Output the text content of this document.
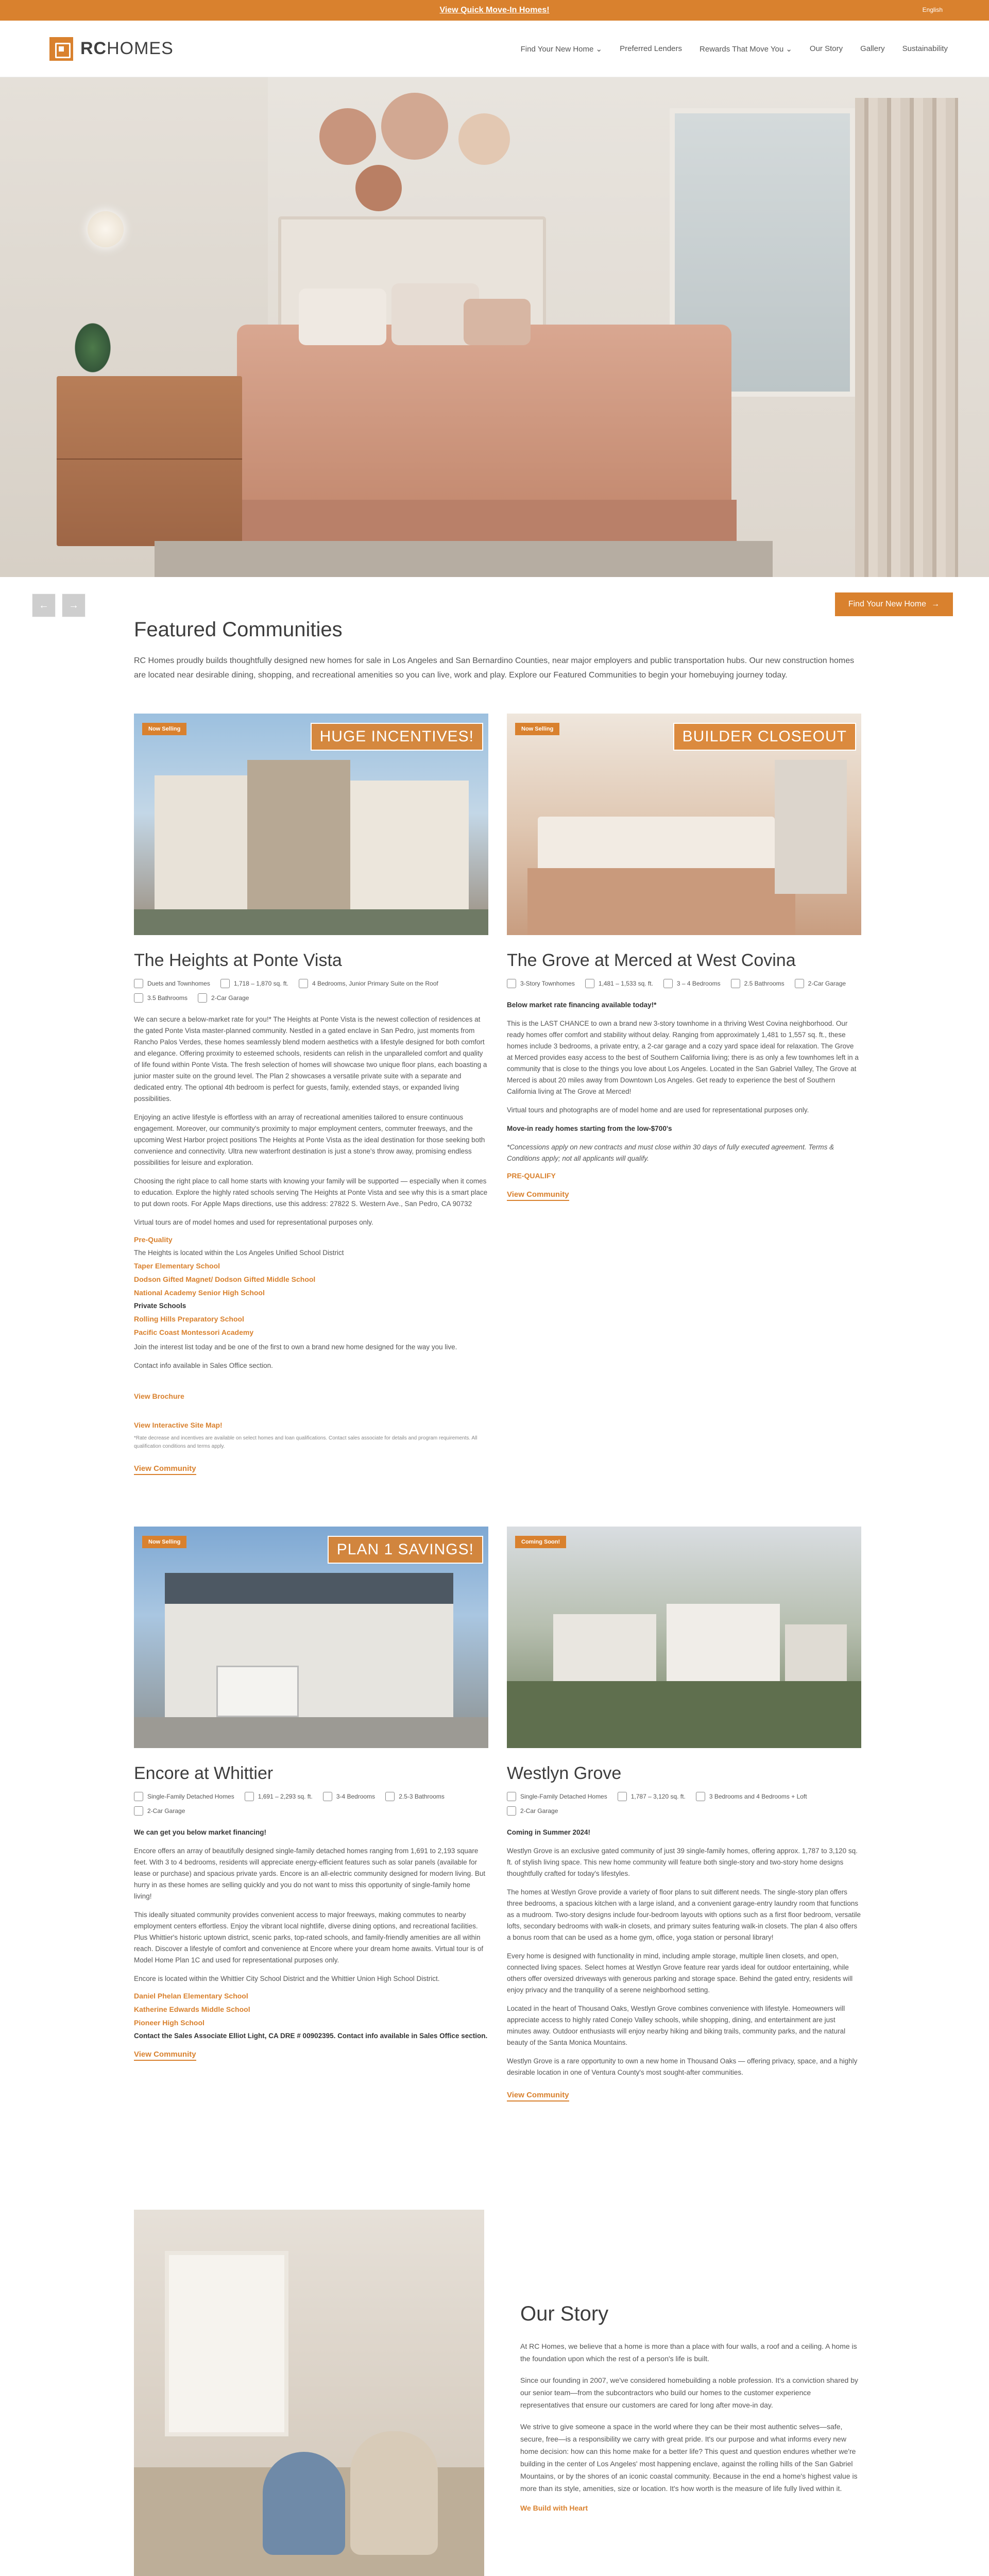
View Quick Move-In Homes!	English
RCHOMES	Find Your New Home ⌄ Preferred Lenders Rewards That Move You ⌄ Our Story Gallery Sustainability
←	→	Find Your New Home →
Featured Communities

RC Homes proudly builds thoughtfully designed new homes for sale in Los Angeles and San Bernardino Counties, near major employers and public transportation hubs. Our new construction homes are located near desirable dining, shopping, and recreational amenities so you can live, work and play. Explore our Featured Communities to begin your homebuying journey today.

Now Selling	HUGE INCENTIVES!
The Heights at Ponte Vista
Duets and Townhomes	1,718 – 1,870 sq. ft.	4 Bedrooms, Junior Primary Suite on the Roof
3.5 Bathrooms	2-Car Garage

We can secure a below-market rate for you!* The Heights at Ponte Vista is the newest collection of residences at the gated Ponte Vista master-planned community. Nestled in a gated enclave in San Pedro, just moments from Rancho Palos Verdes, these homes seamlessly blend modern aesthetics with a lifestyle designed for both comfort and elegance. Offering proximity to esteemed schools, residents can relish in the unparalleled comfort and quality of life found within Ponte Vista. The fresh selection of homes will showcase two unique floor plans, each boasting a junior master suite on the ground level. The Plan 2 showcases a versatile private suite with a separate and dedicated entry. The optional 4th bedroom is perfect for guests, family, extended stays, or expanded living possibilities.

Enjoying an active lifestyle is effortless with an array of recreational amenities tailored to ensure continuous engagement. Moreover, our community's proximity to major employment centers, commuter freeways, and the upcoming West Harbor project positions The Heights at Ponte Vista as the ideal destination for those seeking both convenience and connectivity. Ultra new waterfront destination is just a stone's throw away, promising endless possibilities for leisure and exploration.

Choosing the right place to call home starts with knowing your family will be supported — especially when it comes to education. Explore the highly rated schools serving The Heights at Ponte Vista and see why this is a smart place to put down roots. For Apple Maps directions, use this address: 27822 S. Western Ave., San Pedro, CA 90732

Virtual tours are of model homes and used for representational purposes only.

Pre-Quality
The Heights is located within the Los Angeles Unified School District
Taper Elementary School
Dodson Gifted Magnet/ Dodson Gifted Middle School
National Academy Senior High School
Private Schools
Rolling Hills Preparatory School
Pacific Coast Montessori Academy

Join the interest list today and be one of the first to own a brand new home designed for the way you live.

Contact info available in Sales Office section.

View Brochure
View Interactive Site Map!

*Rate decrease and incentives are available on select homes and loan qualifications. Contact sales associate for details and program requirements. All qualification conditions and terms apply.

View Community
Now Selling	BUILDER CLOSEOUT
The Grove at Merced at West Covina
3-Story Townhomes	1,481 – 1,533 sq. ft.	3 – 4 Bedrooms	2.5 Bathrooms	2-Car Garage

Below market rate financing available today!*

This is the LAST CHANCE to own a brand new 3-story townhome in a thriving West Covina neighborhood. Our ready homes offer comfort and stability without delay. Ranging from approximately 1,481 to 1,557 sq. ft., these homes include 3 bedrooms, a private entry, a 2-car garage and a cozy yard space ideal for relaxation. The Grove at Merced provides easy access to the best of Southern California living; there is as only a few townhomes left in a community that is close to the things you love about Los Angeles. Located in the San Gabriel Valley, The Grove at Merced is about 20 miles away from Downtown Los Angeles. Get ready to experience the best of Southern California living at The Grove at Merced!

Virtual tours and photographs are of model home and are used for representational purposes only.

Move-in ready homes starting from the low-$700's

*Concessions apply on new contracts and must close within 30 days of fully executed agreement. Terms & Conditions apply; not all applicants will qualify.

PRE-QUALIFY
View Community
Now Selling	PLAN 1 SAVINGS!
Encore at Whittier
Single-Family Detached Homes	1,691 – 2,293 sq. ft.	3-4 Bedrooms	2.5-3 Bathrooms
2-Car Garage

We can get you below market financing!

Encore offers an array of beautifully designed single-family detached homes ranging from 1,691 to 2,193 square feet. With 3 to 4 bedrooms, residents will appreciate energy-efficient features such as solar panels (available for lease or purchase) and spacious private yards. Encore is an all-electric community designed for modern living. But hurry in as these homes are selling quickly and you do not want to miss this opportunity of single-family home living!

This ideally situated community provides convenient access to major freeways, making commutes to nearby employment centers effortless. Enjoy the vibrant local nightlife, diverse dining options, and recreational facilities. Plus Whittier's historic uptown district, scenic parks, top-rated schools, and family-friendly amenities are all within reach. Discover a lifestyle of comfort and convenience at Encore where your dream home awaits. Virtual tour is of Model Home Plan 1C and used for representational purposes only.

Encore is located within the Whittier City School District and the Whittier Union High School District.

Daniel Phelan Elementary School
Katherine Edwards Middle School
Pioneer High School
Contact the Sales Associate Elliot Light, CA DRE # 00902395. Contact info available in Sales Office section.
View Community
Coming Soon!
Westlyn Grove
Single-Family Detached Homes	1,787 – 3,120 sq. ft.	3 Bedrooms and 4 Bedrooms + Loft
2-Car Garage

Coming in Summer 2024!

Westlyn Grove is an exclusive gated community of just 39 single-family homes, offering approx. 1,787 to 3,120 sq. ft. of stylish living space. This new home community will feature both single-story and two-story home designs thoughtfully crafted for today's lifestyles.

The homes at Westlyn Grove provide a variety of floor plans to suit different needs. The single-story plan offers three bedrooms, a spacious kitchen with a large island, and a convenient garage-entry laundry room that functions as a mudroom. Two-story designs include four-bedroom layouts with options such as a first floor bedroom, versatile lofts, secondary bedrooms with walk-in closets, and primary suites featuring walk-in closets. The plan 4 also offers a bonus room that can be used as a home gym, office, yoga station or personal library!

Every home is designed with functionality in mind, including ample storage, multiple linen closets, and open, connected living spaces. Select homes at Westlyn Grove feature rear yards ideal for outdoor entertaining, while others offer oversized driveways with generous parking and storage space. Behind the gated entry, residents will enjoy privacy and the tranquility of a serene neighborhood setting.

Located in the heart of Thousand Oaks, Westlyn Grove combines convenience with lifestyle. Homeowners will appreciate access to highly rated Conejo Valley schools, while shopping, dining, and entertainment are just minutes away. Outdoor enthusiasts will enjoy nearby hiking and biking trails, community parks, and the natural beauty of the Santa Monica Mountains.

Westlyn Grove is a rare opportunity to own a new home in Thousand Oaks — offering privacy, space, and a highly desirable location in one of Ventura County's most sought-after communities.

View Community
Our Story

At RC Homes, we believe that a home is more than a place with four walls, a roof and a ceiling. A home is the foundation upon which the rest of a person's life is built.

Since our founding in 2007, we've considered homebuilding a noble profession. It's a conviction shared by our senior team—from the subcontractors who build our homes to the customer experience representatives that ensure our customers are cared for long after move-in day.

We strive to give someone a space in the world where they can be their most authentic selves—safe, secure, free—is a responsibility we carry with great pride. It's our purpose and what informs every new home decision: how can this home make for a better life? This quest and question endures whether we're building in the center of Los Angeles' most happening enclave, against the rolling hills of the San Gabriel Mountains, or by the shores of an iconic coastal community. Because in the end a home's highest value is more than its style, amenities, size or location. It's how worth is the measure of life fully lived within it.

We Build with Heart
